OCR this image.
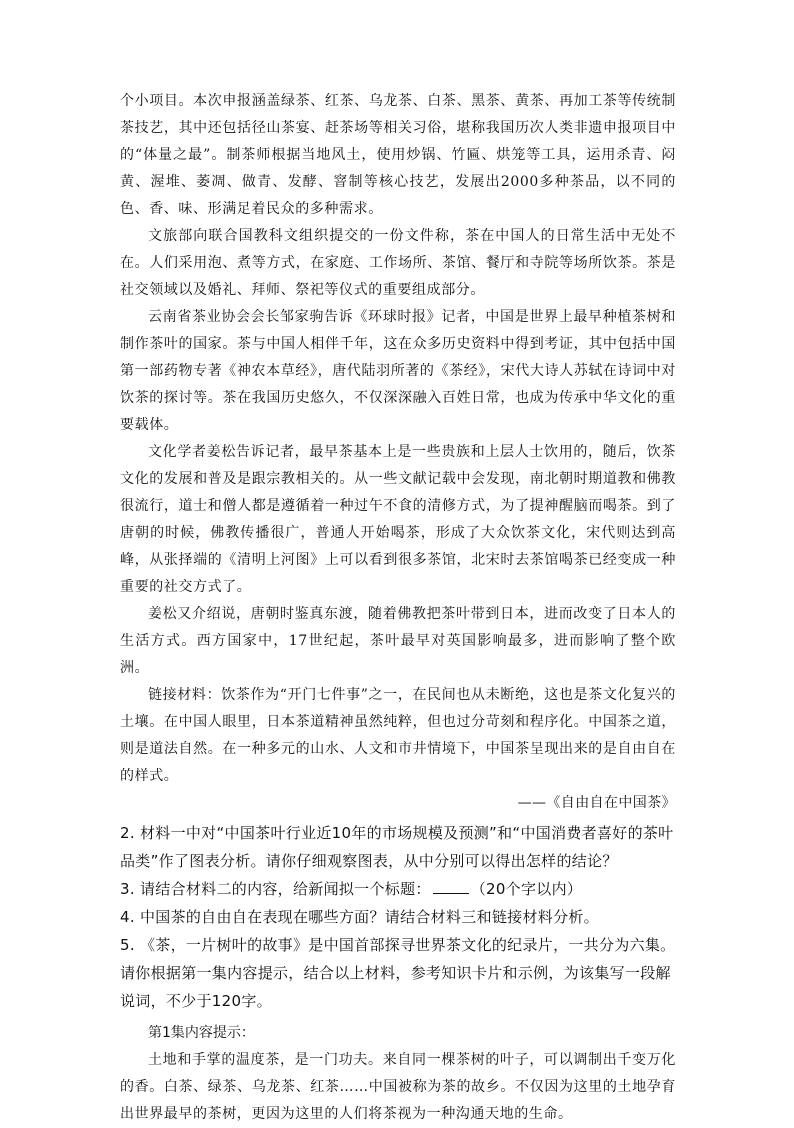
个小项目。本次申报涵盖绿茶、红茶、乌龙茶、白茶、黑茶、黄茶、再加工茶等传统制茶技艺，其中还包括径山茶宴、赶茶场等相关习俗，堪称我国历次人类非遗申报项目中的“体量之最”。制茶师根据当地风土，使用炒锅、竹匾、烘笼等工具，运用杀青、闷黄、渥堆、萎凋、做青、发酵、窨制等核心技艺，发展出2000多种茶品，以不同的色、香、味、形满足着民众的多种需求。

文旅部向联合国教科文组织提交的一份文件称，茶在中国人的日常生活中无处不在。人们采用泡、煮等方式，在家庭、工作场所、茶馆、餐厅和寺院等场所饮茶。茶是社交领域以及婚礼、拜师、祭祀等仪式的重要组成部分。

云南省茶业协会会长邹家驹告诉《环球时报》记者，中国是世界上最早种植茶树和制作茶叶的国家。茶与中国人相伴千年，这在众多历史资料中得到考证，其中包括中国第一部药物专著《神农本草经》，唐代陆羽所著的《茶经》，宋代大诗人苏轼在诗词中对饮茶的探讨等。茶在我国历史悠久，不仅深深融入百姓日常，也成为传承中华文化的重要载体。

文化学者姜松告诉记者，最早茶基本上是一些贵族和上层人士饮用的，随后，饮茶文化的发展和普及是跟宗教相关的。从一些文献记载中会发现，南北朝时期道教和佛教很流行，道士和僧人都是遵循着一种过午不食的清修方式，为了提神醒脑而喝茶。到了唐朝的时候，佛教传播很广，普通人开始喝茶，形成了大众饮茶文化，宋代则达到高峰，从张择端的《清明上河图》上可以看到很多茶馆，北宋时去茶馆喝茶已经变成一种重要的社交方式了。

姜松又介绍说，唐朝时鉴真东渡，随着佛教把茶叶带到日本，进而改变了日本人的生活方式。西方国家中，17世纪起，茶叶最早对英国影响最多，进而影响了整个欧洲。

链接材料：饮茶作为“开门七件事”之一，在民间也从未断绝，这也是茶文化复兴的土壤。在中国人眼里，日本茶道精神虽然纯粹，但也过分苛刻和程序化。中国茶之道，则是道法自然。在一种多元的山水、人文和市井情境下，中国茶呈现出来的是自由自在的样式。

——《自由自在中国茶》

2. 材料一中对“中国茶叶行业近10年的市场规模及预测”和“中国消费者喜好的茶叶品类”作了图表分析。请你仔细观察图表，从中分别可以得出怎样的结论？

3. 请结合材料二的内容，给新闻拟一个标题：	（20个字以内）

4. 中国茶的自由自在表现在哪些方面？请结合材料三和链接材料分析。

5. 《茶，一片树叶的故事》是中国首部探寻世界茶文化的纪录片，一共分为六集。请你根据第一集内容提示，结合以上材料，参考知识卡片和示例，为该集写一段解说词，不少于120字。

第1集内容提示：

土地和手掌的温度茶，是一门功夫。来自同一棵茶树的叶子，可以调制出千变万化的香。白茶、绿茶、乌龙茶、红茶……中国被称为茶的故乡。不仅因为这里的土地孕育出世界最早的茶树，更因为这里的人们将茶视为一种沟通天地的生命。
